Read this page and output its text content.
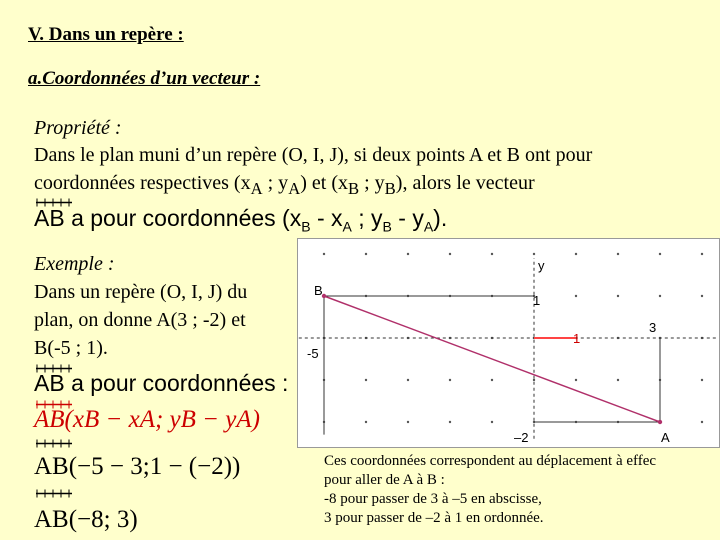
V. Dans un repère :
a.Coordonnées d’un vecteur :
Propriété :
Dans le plan muni d’un repère (O, I, J), si deux points A et B ont pour
coordonnées respectives ($x_A$ ; $y_A$) et ($x_B$ ; $y_B$), alors le vecteur
AB a pour coordonnées ($x_B - x_A$ ; $y_B - y_A$).
Exemple :
Dans un repère (O, I, J) du
plan, on donne A(3 ; -2) et
B(-5 ; 1).
AB a pour coordonnées :
AB(xB − xA; yB − yA)
AB(−5 − 3;1 − (−2))
AB(−8; 3)
B
y
1
1
3
-5
–2	A
Ces coordonnées correspondent au déplacement à effec
pour aller de A à B :
-8 pour passer de 3 à –5 en abscisse,
3 pour passer de –2 à 1 en ordonnée.
